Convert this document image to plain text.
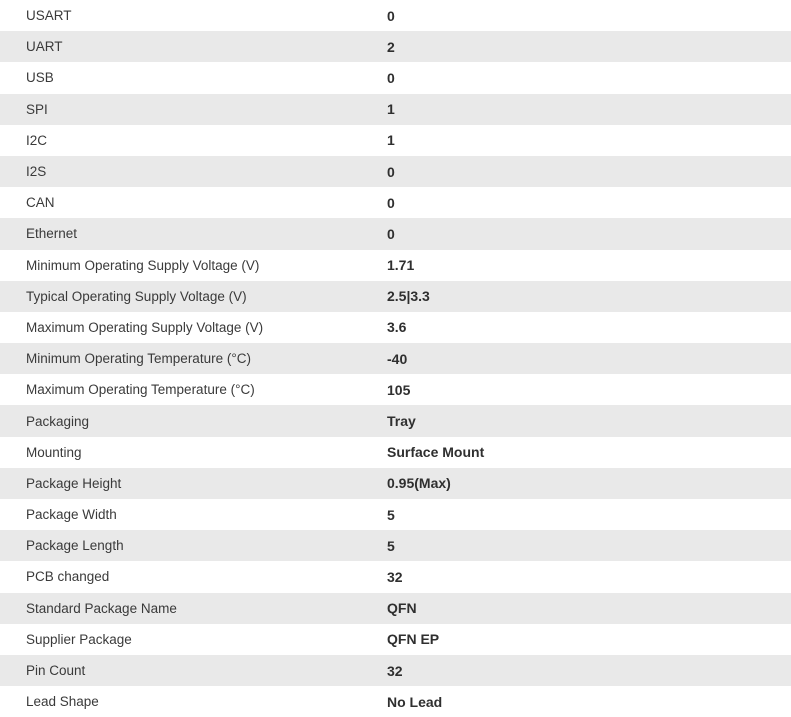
USART	0
UART	2
USB	0
SPI	1
I2C	1
I2S	0
CAN	0
Ethernet	0
Minimum Operating Supply Voltage (V)	1.71
Typical Operating Supply Voltage (V)	2.5|3.3
Maximum Operating Supply Voltage (V)	3.6
Minimum Operating Temperature (°C)	-40
Maximum Operating Temperature (°C)	105
Packaging	Tray
Mounting	Surface Mount
Package Height	0.95(Max)
Package Width	5
Package Length	5
PCB changed	32
Standard Package Name	QFN
Supplier Package	QFN EP
Pin Count	32
Lead Shape	No Lead
